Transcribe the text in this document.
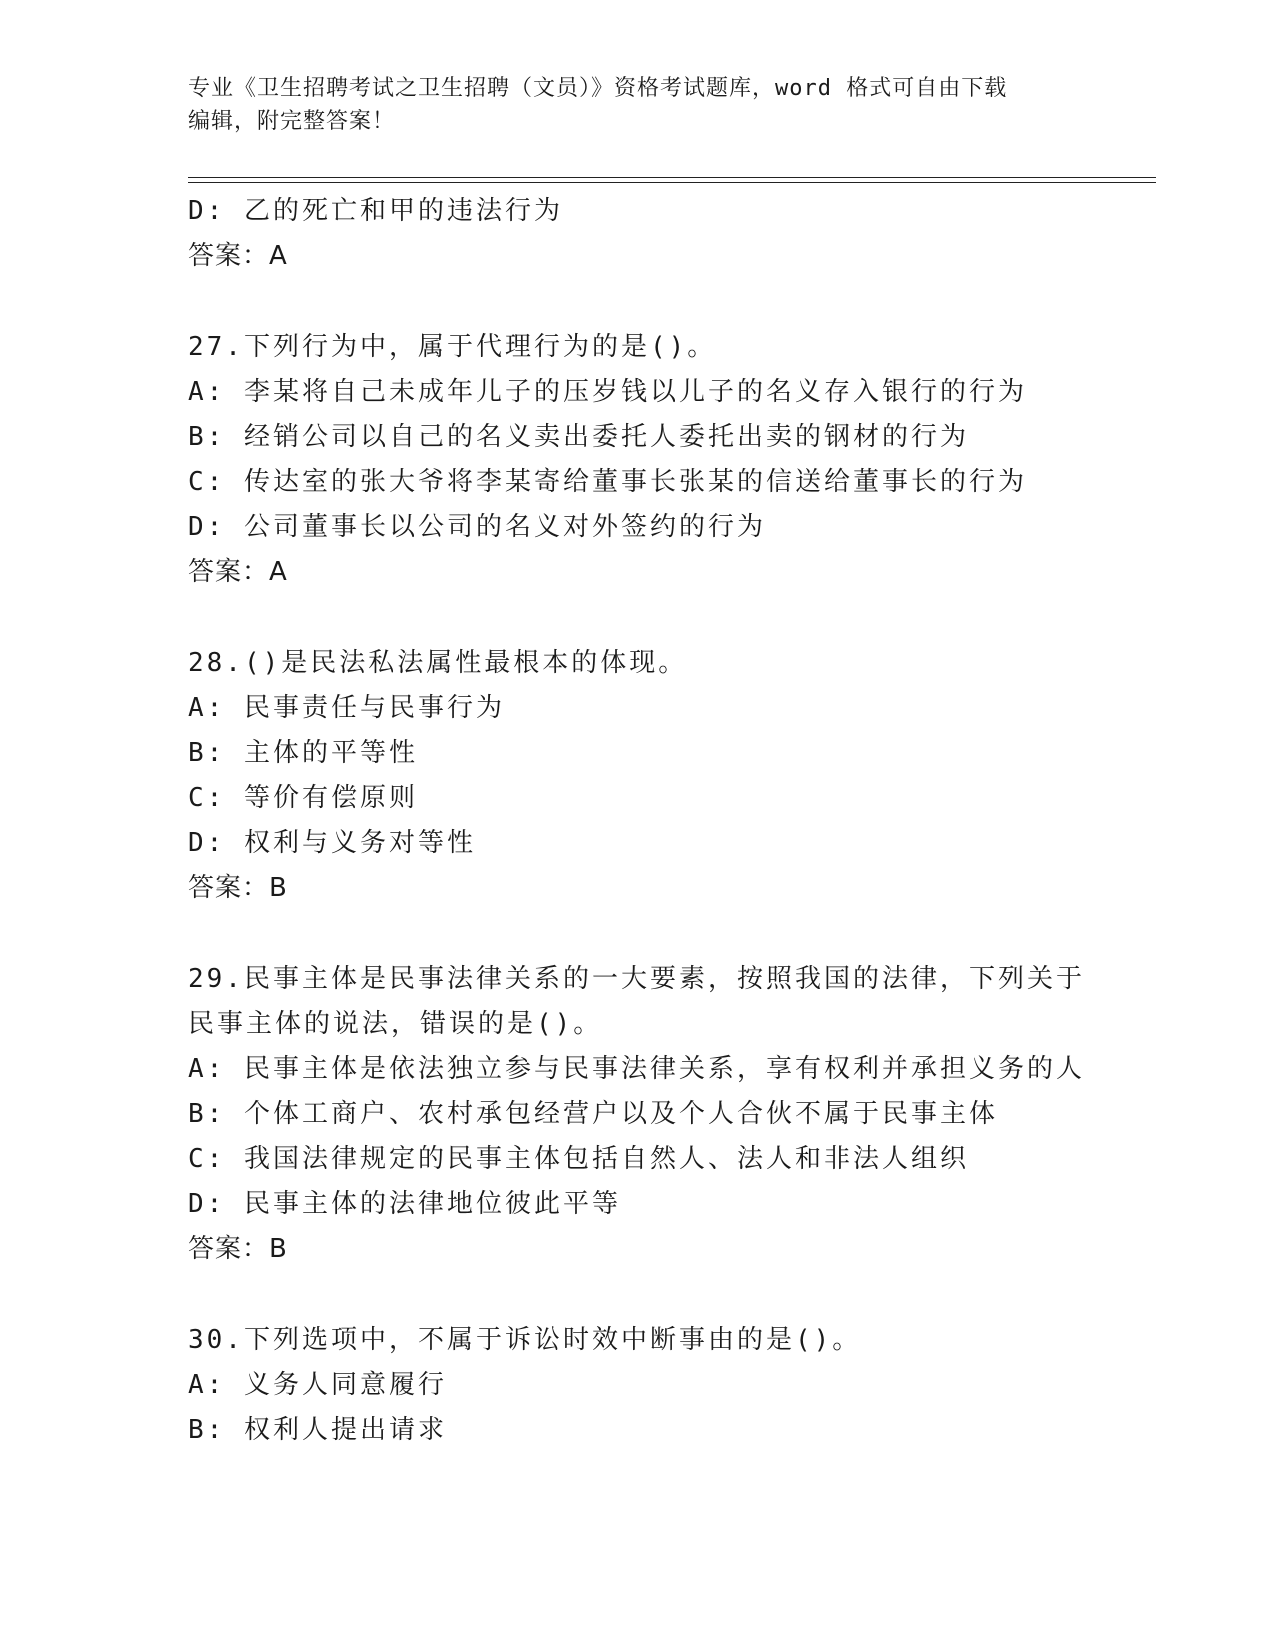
专业《卫生招聘考试之卫生招聘（文员）》资格考试题库，word 格式可自由下载
编辑，附完整答案！
D: 乙的死亡和甲的违法行为
答案：A
27.下列行为中，属于代理行为的是()。
A: 李某将自己未成年儿子的压岁钱以儿子的名义存入银行的行为
B: 经销公司以自己的名义卖出委托人委托出卖的钢材的行为
C: 传达室的张大爷将李某寄给董事长张某的信送给董事长的行为
D: 公司董事长以公司的名义对外签约的行为
答案：A
28.()是民法私法属性最根本的体现。
A: 民事责任与民事行为
B: 主体的平等性
C: 等价有偿原则
D: 权利与义务对等性
答案：B
29.民事主体是民事法律关系的一大要素，按照我国的法律，下列关于
民事主体的说法，错误的是()。
A: 民事主体是依法独立参与民事法律关系，享有权利并承担义务的人
B: 个体工商户、农村承包经营户以及个人合伙不属于民事主体
C: 我国法律规定的民事主体包括自然人、法人和非法人组织
D: 民事主体的法律地位彼此平等
答案：B
30.下列选项中，不属于诉讼时效中断事由的是()。
A: 义务人同意履行
B: 权利人提出请求
